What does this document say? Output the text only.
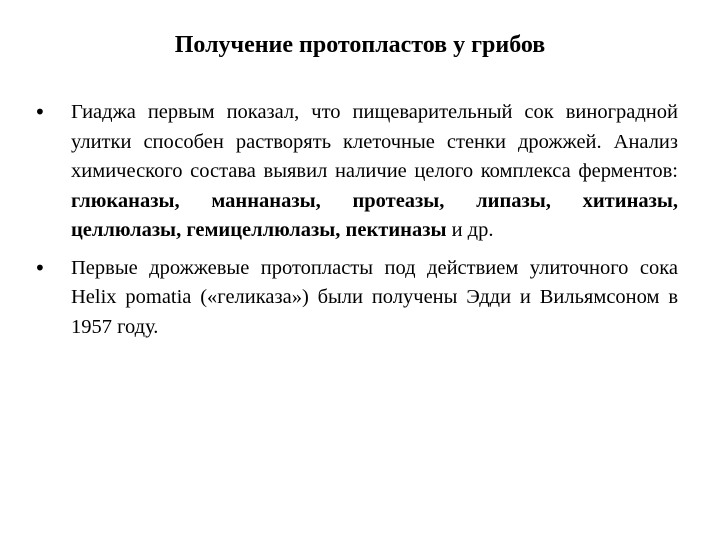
Получение протопластов у грибов
• Гиаджа первым показал, что пищеварительный сок виноградной улитки способен растворять клеточные стенки дрожжей. Анализ химического состава выявил наличие целого комплекса ферментов: глюканазы, маннаназы, протеазы, липазы, хитиназы, целлюлазы, гемицеллюлазы, пектиназы и др.
• Первые дрожжевые протопласты под действием улиточного сока Helix pomatia («геликаза») были получены Эдди и Вильямсоном в 1957 году.
